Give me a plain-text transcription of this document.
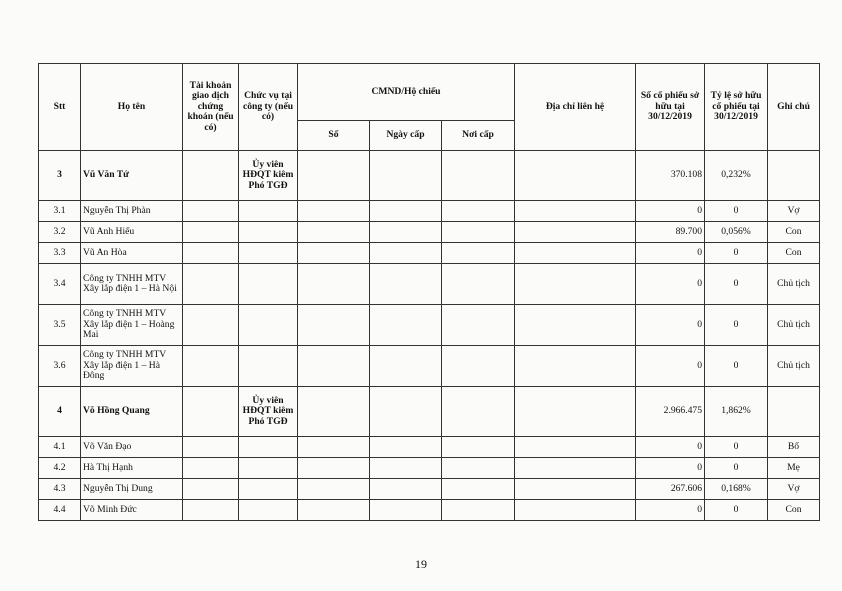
Stt	Họ tên	Tài khoản giao dịch chứng khoán (nếu có)	Chức vụ tại công ty (nếu có)	CMND/Hộ chiếu			Địa chỉ liên hệ	Số cổ phiếu sở hữu tại 30/12/2019	Tỷ lệ sở hữu cổ phiếu tại 30/12/2019	Ghi chú
				Số	Ngày cấp	Nơi cấp				
3	Vũ Văn Tứ		Ủy viên HĐQT kiêm Phó TGĐ					370.108	0,232%	
3.1	Nguyễn Thị Phàn							0	0	Vợ
3.2	Vũ Anh Hiếu							89.700	0,056%	Con
3.3	Vũ An Hòa							0	0	Con
3.4	Công ty TNHH MTV Xây lắp điện 1 – Hà Nội							0	0	Chủ tịch
3.5	Công ty TNHH MTV Xây lắp điện 1 – Hoàng Mai							0	0	Chủ tịch
3.6	Công ty TNHH MTV Xây lắp điện 1 – Hà Đông							0	0	Chủ tịch
4	Võ Hồng Quang		Ủy viên HĐQT kiêm Phó TGĐ					2.966.475	1,862%	
4.1	Võ Văn Đạo							0	0	Bố
4.2	Hà Thị Hạnh							0	0	Mẹ
4.3	Nguyễn Thị Dung							267.606	0,168%	Vợ
4.4	Võ Minh Đức							0	0	Con
19
